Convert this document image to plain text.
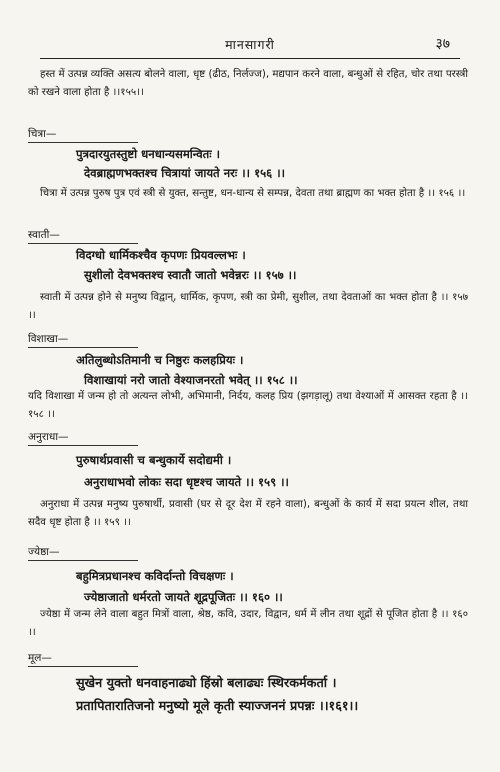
मानसागरी	३७
हस्त में उत्पन्न व्यक्ति असत्य बोलने वाला, धृष्ट (ढीठ, निर्लज्ज), मद्यपान करने वाला, बन्धुओं से रहित, चोर तथा परस्त्री को रखने वाला होता है ।।१५५।।
चित्रा—
पुत्रदारयुतस्तुष्टो धनधान्यसमन्वितः ।
देवब्राह्मणभक्तश्च चित्रायां जायते नरः ।। १५६ ।।
चित्रा में उत्पन्न पुरुष पुत्र एवं स्त्री से युक्त, सन्तुष्ट, धन-धान्य से सम्पन्न, देवता तथा ब्राह्मण का भक्त होता है ।। १५६ ।।
स्वाती—
विदग्धो धार्मिकश्चैव कृपणः प्रियवल्लभः ।
सुशीलो देवभक्तश्च स्वातौ जातो भवेन्नरः ।। १५७ ।।
स्वाती में उत्पन्न होने से मनुष्य विद्वान्, धार्मिक, कृपण, स्त्री का प्रेमी, सुशील, तथा देवताओं का भक्त होता है ।। १५७ ।।
विशाखा—
अतिलुब्धोऽतिमानी च निष्ठुरः कलहप्रियः ।
विशाखायां नरो जातो वेश्याजनरतो भवेत् ।। १५८ ।।
यदि विशाखा में जन्म हो तो अत्यन्त लोभी, अभिमानी, निर्दय, कलह प्रिय (झगड़ालू) तथा वेश्याओं में आसक्त रहता है ।। १५८ ।।
अनुराधा—
पुरुषार्थप्रवासी च बन्धुकार्ये सदोद्यमी ।
अनुराधाभवो लोकः सदा धृष्टश्च जायते ।। १५९ ।।
अनुराधा में उत्पन्न मनुष्य पुरुषार्थी, प्रवासी (घर से दूर देश में रहने वाला), बन्धुओं के कार्य में सदा प्रयत्न शील, तथा सदैव धृष्ट होता है ।। १५९ ।।
ज्येष्ठा—
बहुमित्रप्रधानश्च कविर्दान्तो विचक्षणः ।
ज्येष्ठाजातो धर्मरतो जायते शूद्रपूजितः ।। १६० ।।
ज्येष्ठा में जन्म लेने वाला बहुत मित्रों वाला, श्रेष्ठ, कवि, उदार, विद्वान, धर्म में लीन तथा शूद्रों से पूजित होता है ।। १६० ।।
मूल—
सुखेन युक्तो धनवाहनाढ्यो हिंस्रो बलाढ्यः स्थिरकर्मकर्ता ।
प्रतापितारातिजनो मनुष्यो मूले कृती स्याज्जननं प्रपन्नः ।।१६१।।
